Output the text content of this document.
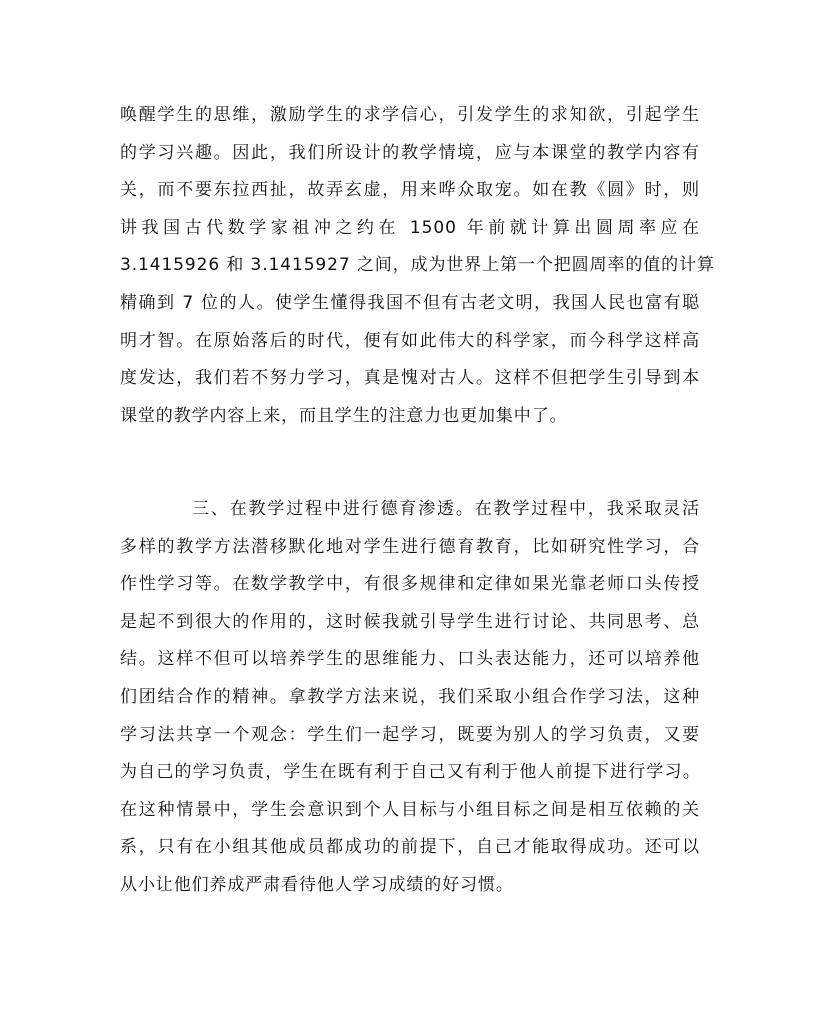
唤醒学生的思维，激励学生的求学信心，引发学生的求知欲，引起学生
的学习兴趣。因此，我们所设计的教学情境，应与本课堂的教学内容有
关，而不要东拉西扯，故弄玄虚，用来哗众取宠。如在教《圆》时，则
讲我国古代数学家祖冲之约在 1500 年前就计算出圆周率应在
3.1415926 和 3.1415927 之间，成为世界上第一个把圆周率的值的计算
精确到 7 位的人。使学生懂得我国不但有古老文明，我国人民也富有聪
明才智。在原始落后的时代，便有如此伟大的科学家，而今科学这样高
度发达，我们若不努力学习，真是愧对古人。这样不但把学生引导到本
课堂的教学内容上来，而且学生的注意力也更加集中了。
三、在教学过程中进行德育渗透。在教学过程中，我采取灵活
多样的教学方法潜移默化地对学生进行德育教育，比如研究性学习，合
作性学习等。在数学教学中，有很多规律和定律如果光靠老师口头传授
是起不到很大的作用的，这时候我就引导学生进行讨论、共同思考、总
结。这样不但可以培养学生的思维能力、口头表达能力，还可以培养他
们团结合作的精神。拿教学方法来说，我们采取小组合作学习法，这种
学习法共享一个观念：学生们一起学习，既要为别人的学习负责，又要
为自己的学习负责，学生在既有利于自己又有利于他人前提下进行学习。
在这种情景中，学生会意识到个人目标与小组目标之间是相互依赖的关
系，只有在小组其他成员都成功的前提下，自己才能取得成功。还可以
从小让他们养成严肃看待他人学习成绩的好习惯。
